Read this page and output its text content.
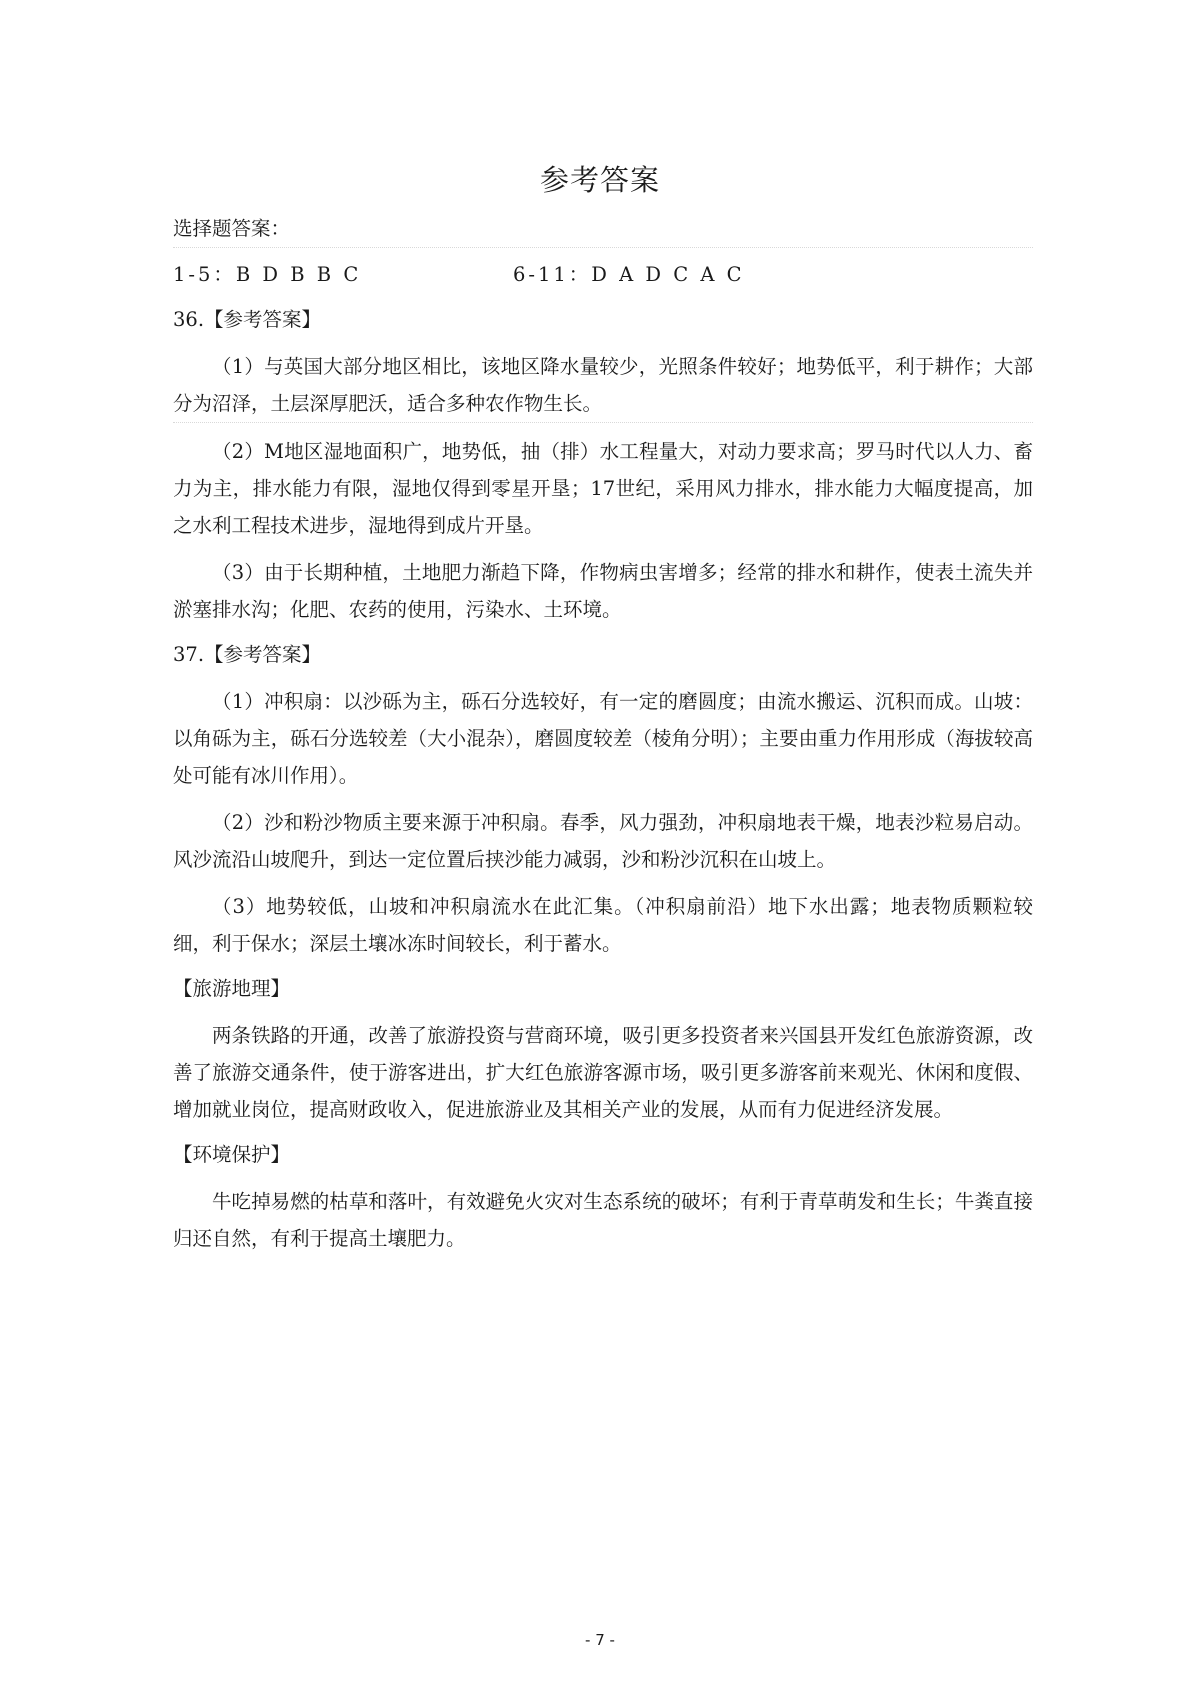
参考答案
选择题答案：
1-5：B D B B C	6-11：D A D C A C
36.【参考答案】

（1）与英国大部分地区相比，该地区降水量较少，光照条件较好；地势低平，利于耕作；大部分为沼泽，土层深厚肥沃，适合多种农作物生长。

（2）M地区湿地面积广，地势低，抽（排）水工程量大，对动力要求高；罗马时代以人力、畜力为主，排水能力有限，湿地仅得到零星开垦；17世纪，采用风力排水，排水能力大幅度提高，加之水利工程技术进步，湿地得到成片开垦。

（3）由于长期种植，土地肥力渐趋下降，作物病虫害增多；经常的排水和耕作，使表土流失并淤塞排水沟；化肥、农药的使用，污染水、土环境。

37.【参考答案】

（1）冲积扇：以沙砾为主，砾石分选较好，有一定的磨圆度；由流水搬运、沉积而成。山坡：以角砾为主，砾石分选较差（大小混杂），磨圆度较差（棱角分明）；主要由重力作用形成（海拔较高处可能有冰川作用）。

（2）沙和粉沙物质主要来源于冲积扇。春季，风力强劲，冲积扇地表干燥，地表沙粒易启动。风沙流沿山坡爬升，到达一定位置后挟沙能力减弱，沙和粉沙沉积在山坡上。

（3）地势较低，山坡和冲积扇流水在此汇集。（冲积扇前沿）地下水出露；地表物质颗粒较细，利于保水；深层土壤冰冻时间较长，利于蓄水。

【旅游地理】

两条铁路的开通，改善了旅游投资与营商环境，吸引更多投资者来兴国县开发红色旅游资源，改善了旅游交通条件，使于游客进出，扩大红色旅游客源市场，吸引更多游客前来观光、休闲和度假、增加就业岗位，提高财政收入，促进旅游业及其相关产业的发展，从而有力促进经济发展。

【环境保护】

牛吃掉易燃的枯草和落叶，有效避免火灾对生态系统的破坏；有利于青草萌发和生长；牛粪直接归还自然，有利于提高土壤肥力。

- 7 -
